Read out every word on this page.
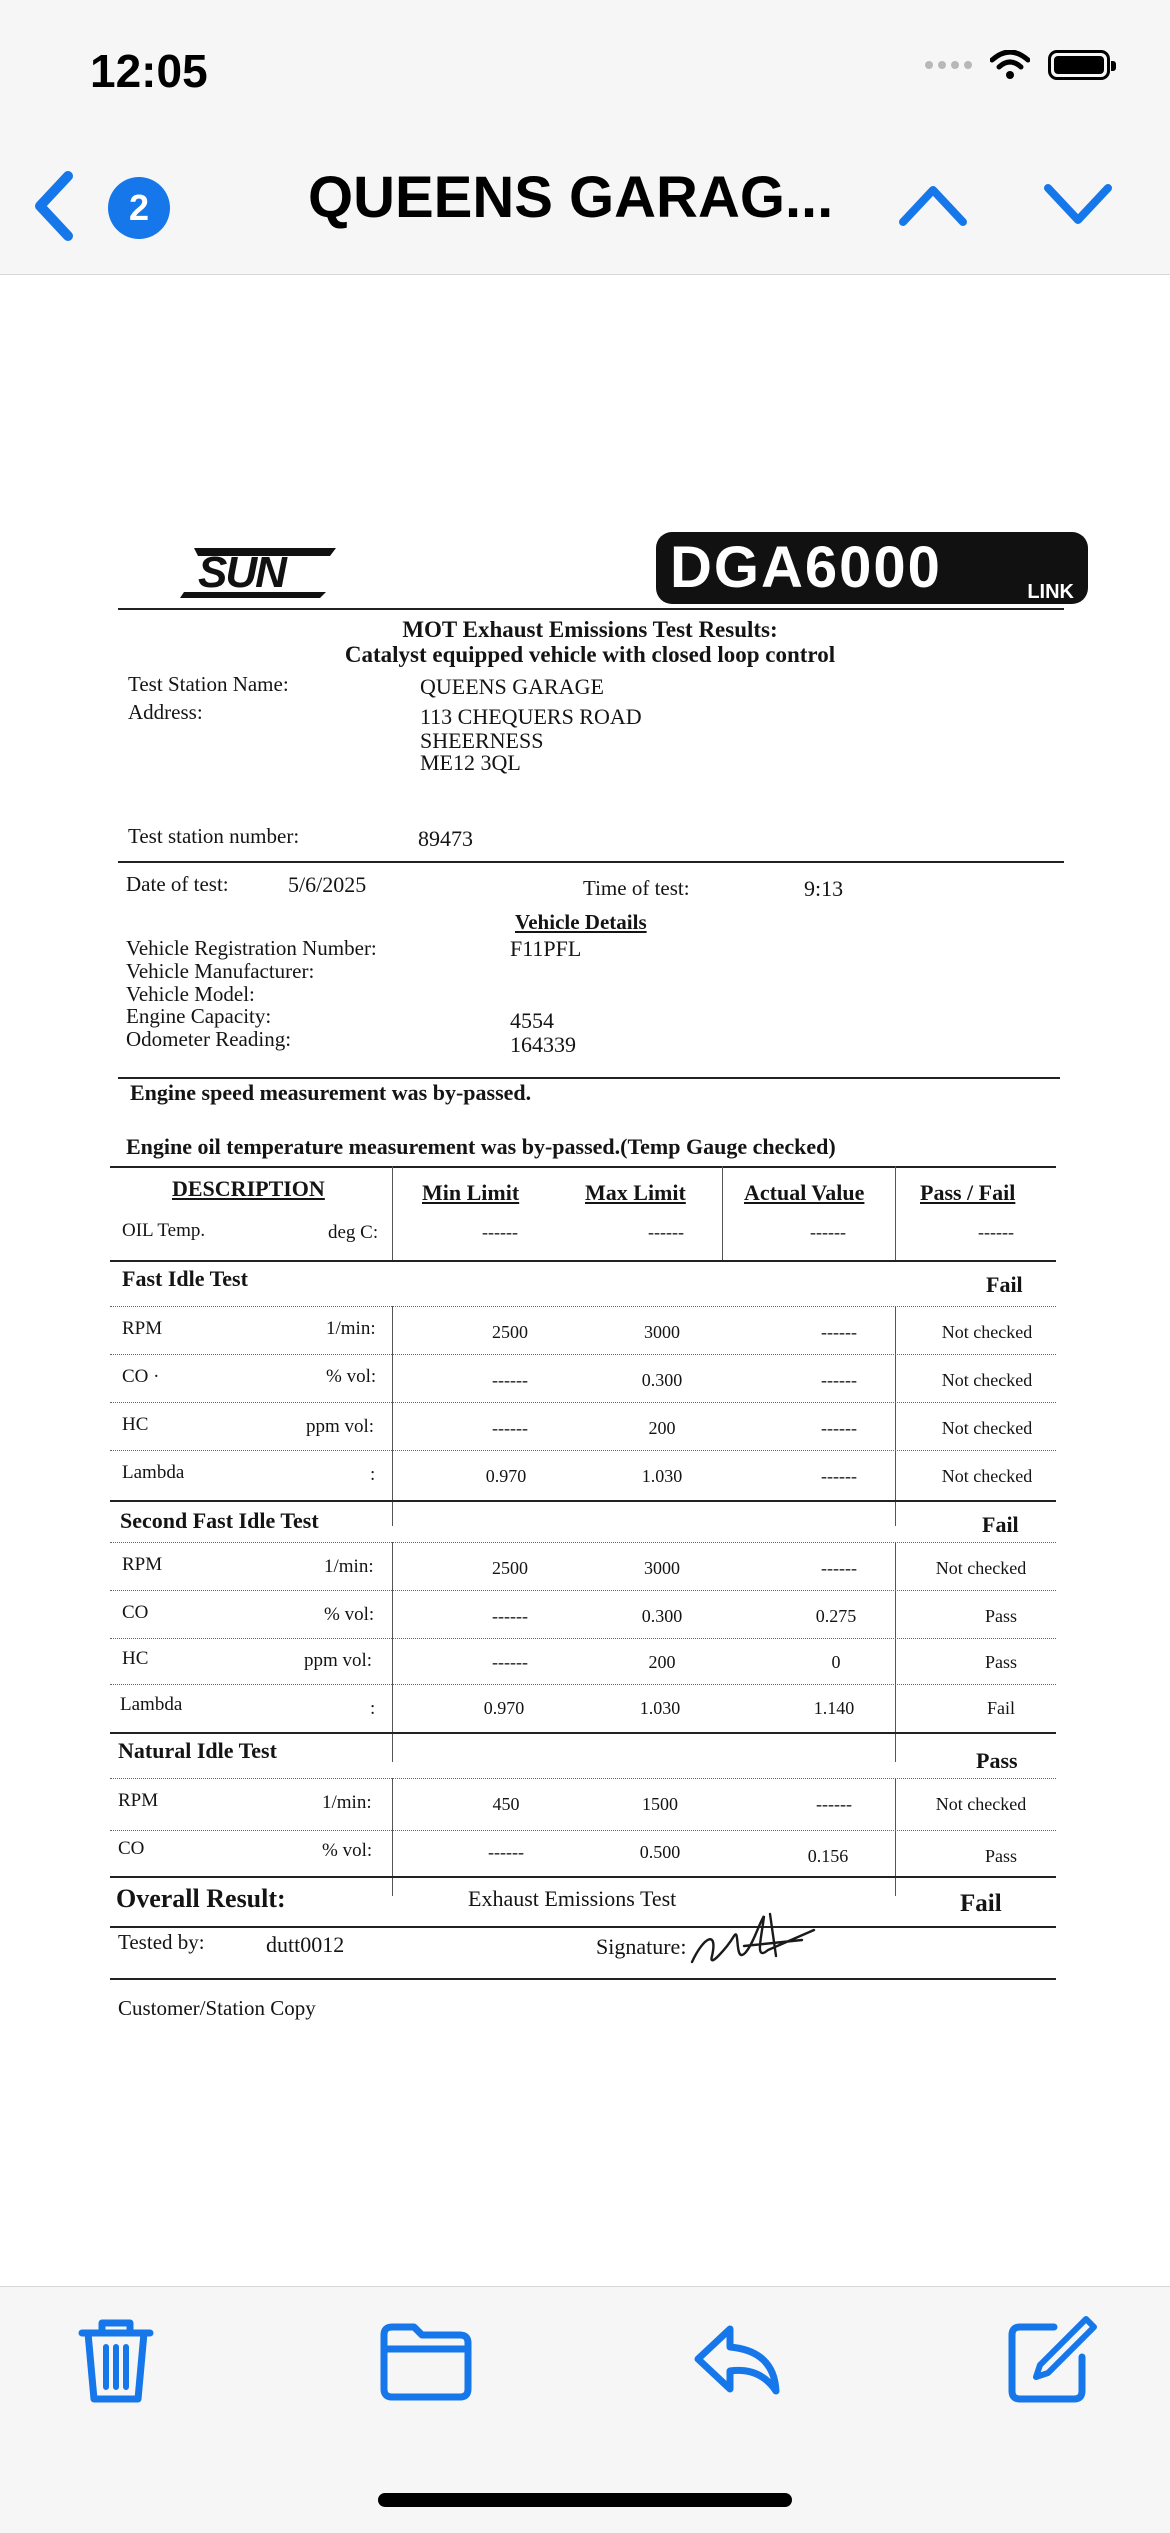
12:05
2	QUEENS GARAG...
SUN	DGA6000	LINK
MOT Exhaust Emissions Test Results:
Catalyst equipped vehicle with closed loop control
Test Station Name:	QUEENS GARAGE
Address:	113 CHEQUERS ROAD
SHEERNESS
ME12 3QL
Test station number:	89473
Date of test:	5/6/2025	Time of test:	9:13
Vehicle Details
Vehicle Registration Number:	F11PFL
Vehicle Manufacturer:
Vehicle Model:
Engine Capacity:	4554
Odometer Reading:	164339
Engine speed measurement was by-passed.
Engine oil temperature measurement was by-passed.(Temp Gauge checked)
DESCRIPTION	Min Limit	Max Limit	Actual Value	Pass / Fail
OIL Temp.	deg C:	------	------	------	------
Fast Idle Test	Fail
RPM	1/min:	2500	3000	------	Not checked
CO ·	% vol:	------	0.300	------	Not checked
HC	ppm vol:	------	200	------	Not checked
Lambda	:	0.970	1.030	------	Not checked
Second Fast Idle Test	Fail
RPM	1/min:	2500	3000	------	Not checked
CO	% vol:	------	0.300	0.275	Pass
HC	ppm vol:	------	200	0	Pass
Lambda	:	0.970	1.030	1.140	Fail
Natural Idle Test	Pass
RPM	1/min:	450	1500	------	Not checked
CO	% vol:	------	0.500	0.156	Pass
Overall Result:	Exhaust Emissions Test	Fail
Tested by:	dutt0012	Signature:
Customer/Station Copy
